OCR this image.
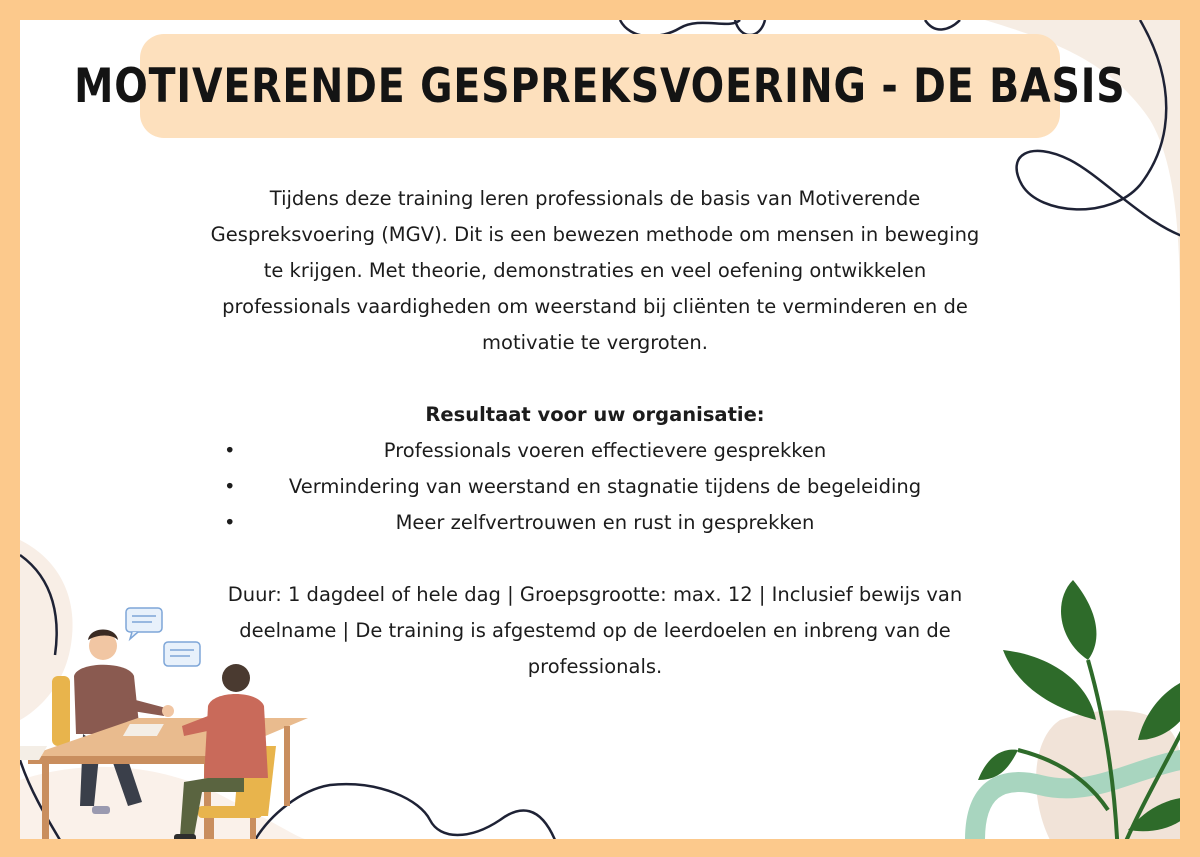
MOTIVERENDE GESPREKSVOERING - DE BASIS

Tijdens deze training leren professionals de basis van Motiverende Gespreksvoering (MGV). Dit is een bewezen methode om mensen in beweging te krijgen. Met theorie, demonstraties en veel oefening ontwikkelen professionals vaardigheden om weerstand bij cliënten te verminderen en de motivatie te vergroten.

Resultaat voor uw organisatie:

•	Professionals voeren effectievere gesprekken
•	Vermindering van weerstand en stagnatie tijdens de begeleiding
•	Meer zelfvertrouwen en rust in gesprekken

Duur: 1 dagdeel of hele dag | Groepsgrootte: max. 12 | Inclusief bewijs van deelname | De training is afgestemd op de leerdoelen en inbreng van de professionals.
